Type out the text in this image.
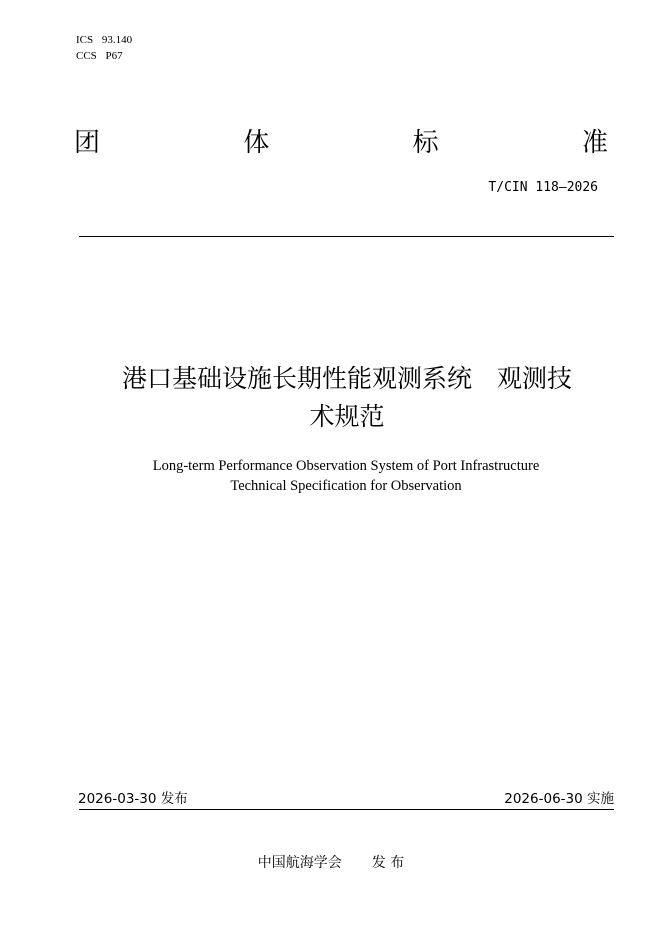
ICS 93.140
CCS P67
团	体	标	准
T/CIN 118—2026
港口基础设施长期性能观测系统　观测技
术规范
Long-term Performance Observation System of Port Infrastructure
Technical Specification for Observation
2026-03-30 发布	2026-06-30 实施
中国航海学会 发 布
